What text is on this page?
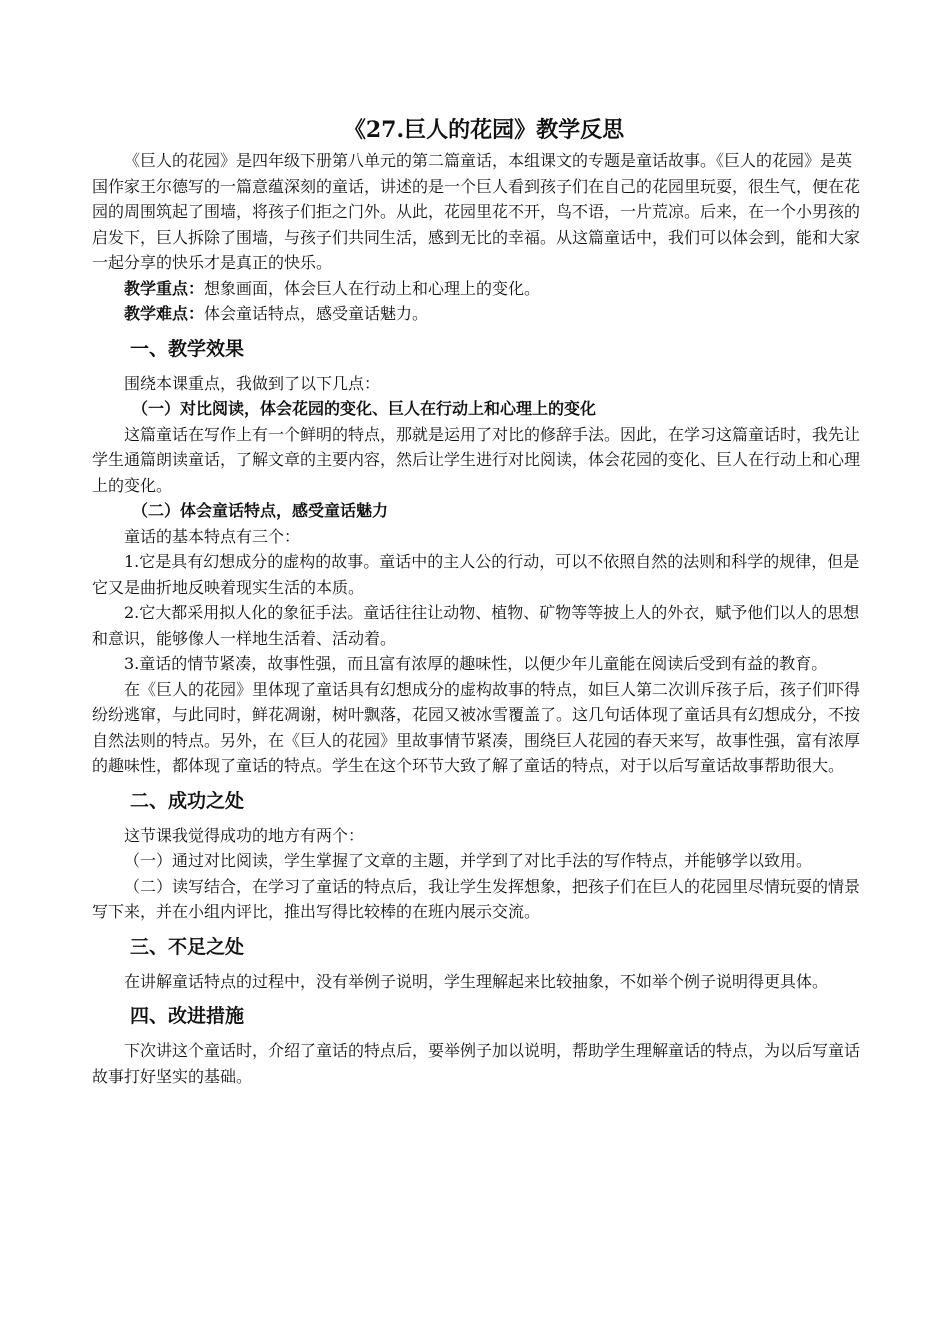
《27.巨人的花园》教学反思

《巨人的花园》是四年级下册第八单元的第二篇童话，本组课文的专题是童话故事。《巨人的花园》是英国作家王尔德写的一篇意蕴深刻的童话，讲述的是一个巨人看到孩子们在自己的花园里玩耍，很生气，便在花园的周围筑起了围墙，将孩子们拒之门外。从此，花园里花不开，鸟不语，一片荒凉。后来，在一个小男孩的启发下，巨人拆除了围墙，与孩子们共同生活，感到无比的幸福。从这篇童话中，我们可以体会到，能和大家一起分享的快乐才是真正的快乐。

教学重点：想象画面，体会巨人在行动上和心理上的变化。

教学难点：体会童话特点，感受童话魅力。

一、教学效果

围绕本课重点，我做到了以下几点：

（一）对比阅读，体会花园的变化、巨人在行动上和心理上的变化

这篇童话在写作上有一个鲜明的特点，那就是运用了对比的修辞手法。因此，在学习这篇童话时，我先让学生通篇朗读童话，了解文章的主要内容，然后让学生进行对比阅读，体会花园的变化、巨人在行动上和心理上的变化。

（二）体会童话特点，感受童话魅力

童话的基本特点有三个：

1.它是具有幻想成分的虚构的故事。童话中的主人公的行动，可以不依照自然的法则和科学的规律，但是它又是曲折地反映着现实生活的本质。

2.它大都采用拟人化的象征手法。童话往往让动物、植物、矿物等等披上人的外衣，赋予他们以人的思想和意识，能够像人一样地生活着、活动着。

3.童话的情节紧凑，故事性强，而且富有浓厚的趣味性，以便少年儿童能在阅读后受到有益的教育。

在《巨人的花园》里体现了童话具有幻想成分的虚构故事的特点，如巨人第二次训斥孩子后，孩子们吓得纷纷逃窜，与此同时，鲜花凋谢，树叶飘落，花园又被冰雪覆盖了。这几句话体现了童话具有幻想成分，不按自然法则的特点。另外，在《巨人的花园》里故事情节紧凑，围绕巨人花园的春天来写，故事性强，富有浓厚的趣味性，都体现了童话的特点。学生在这个环节大致了解了童话的特点，对于以后写童话故事帮助很大。

二、成功之处

这节课我觉得成功的地方有两个：

（一）通过对比阅读，学生掌握了文章的主题，并学到了对比手法的写作特点，并能够学以致用。

（二）读写结合，在学习了童话的特点后，我让学生发挥想象，把孩子们在巨人的花园里尽情玩耍的情景写下来，并在小组内评比，推出写得比较棒的在班内展示交流。

三、不足之处

在讲解童话特点的过程中，没有举例子说明，学生理解起来比较抽象，不如举个例子说明得更具体。

四、改进措施

下次讲这个童话时，介绍了童话的特点后，要举例子加以说明，帮助学生理解童话的特点，为以后写童话故事打好坚实的基础。
